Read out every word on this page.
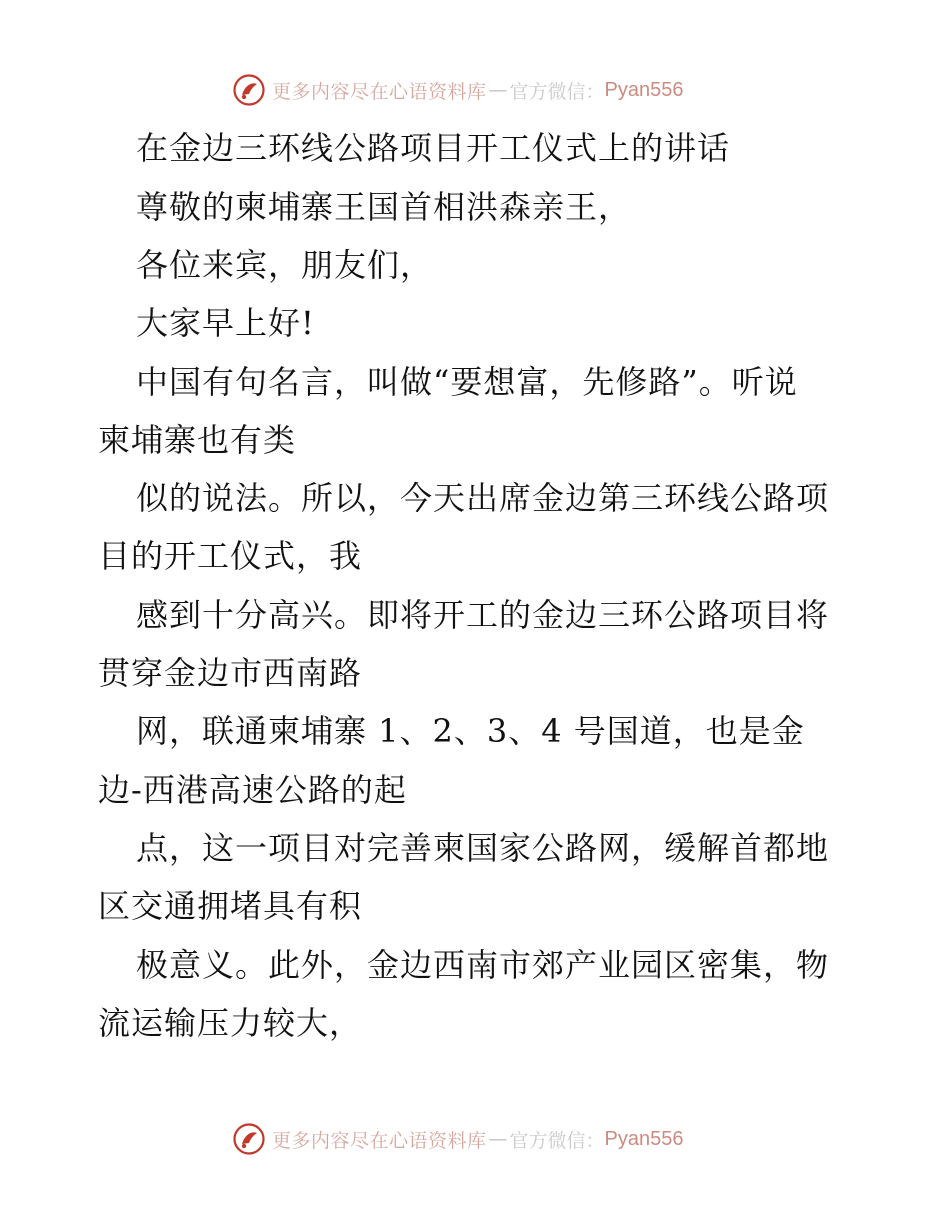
更多内容尽在心语资料库 — 官方微信： Pyan556
在金边三环线公路项目开工仪式上的讲话
尊敬的柬埔寨王国首相洪森亲王，
各位来宾，朋友们，
大家早上好!
中国有句名言，叫做“要想富，先修路”。听说
柬埔寨也有类
似的说法。所以，今天出席金边第三环线公路项
目的开工仪式，我
感到十分高兴。即将开工的金边三环公路项目将
贯穿金边市西南路
网，联通柬埔寨 1、2、3、4 号国道，也是金
边-西港高速公路的起
点，这一项目对完善柬国家公路网，缓解首都地
区交通拥堵具有积
极意义。此外，金边西南市郊产业园区密集，物
流运输压力较大，
更多内容尽在心语资料库 — 官方微信： Pyan556
